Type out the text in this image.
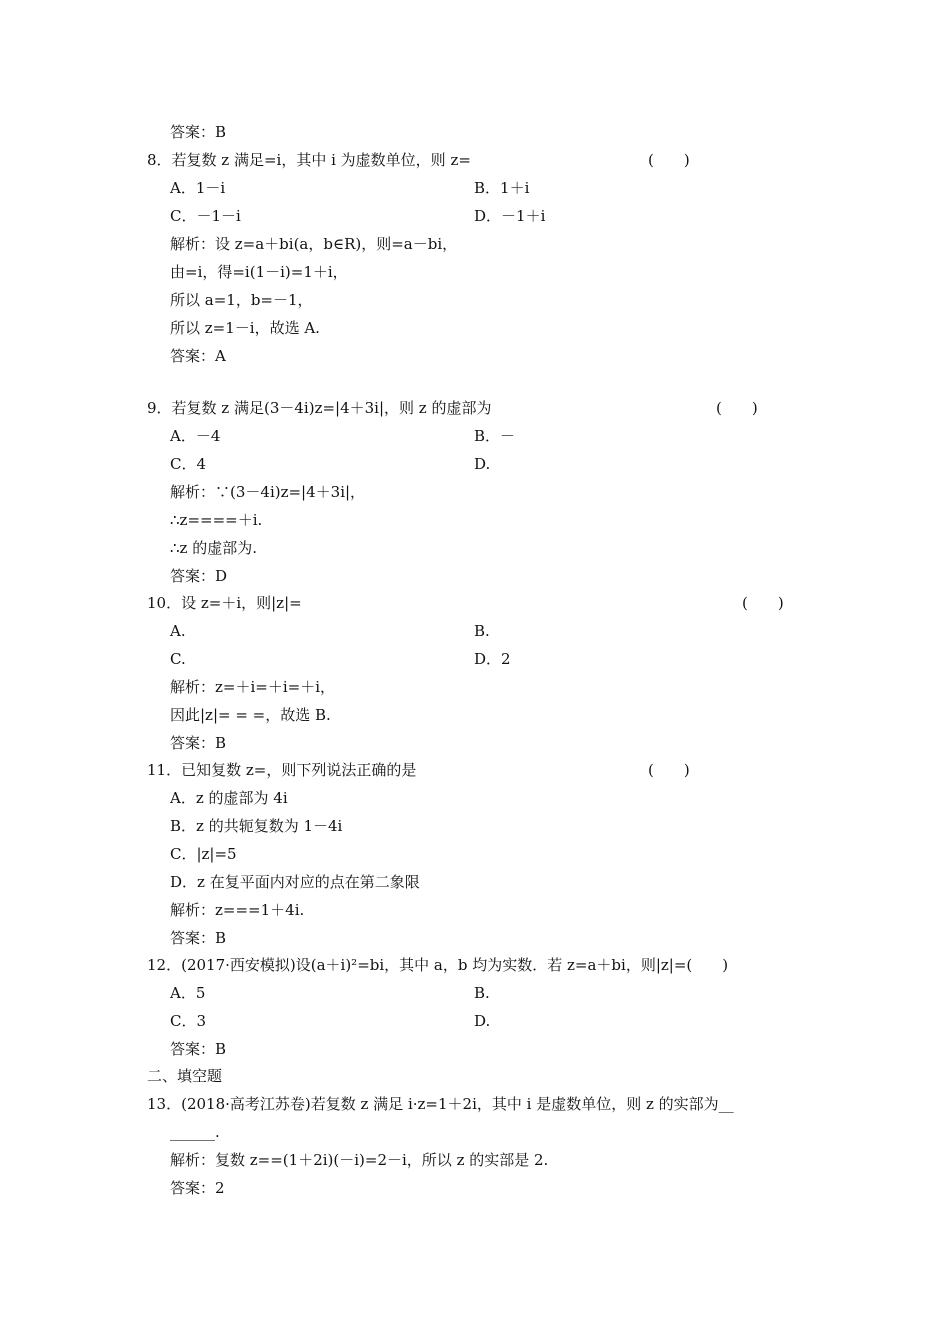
答案：B
8．若复数 z 满足=i，其中 i 为虚数单位，则 z=	(　　)
A．1－i	B．1＋i
C．－1－i	D．－1＋i
解析：设 z=a＋bi(a，b∈R)，则=a－bi，
由=i，得=i(1－i)=1＋i，
所以 a=1，b=－1，
所以 z=1－i，故选 A.
答案：A
9．若复数 z 满足(3－4i)z=|4＋3i|，则 z 的虚部为	(　　)
A．－4	B．－
C．4	D.
解析：∵(3－4i)z=|4＋3i|，
∴z====＋i.
∴z 的虚部为.
答案：D
10．设 z=＋i，则|z|=	(　　)
A.	B.
C.	D．2
解析：z=＋i=＋i=＋i，
因此|z|= = =，故选 B.
答案：B
11．已知复数 z=，则下列说法正确的是	(　　)
A．z 的虚部为 4i
B．z 的共轭复数为 1－4i
C．|z|=5
D．z 在复平面内对应的点在第二象限
解析：z===1＋4i.
答案：B
12．(2017·西安模拟)设(a＋i)²=bi，其中 a，b 均为实数．若 z=a＋bi，则|z|=(　　)
A．5	B.
C．3	D.
答案：B
二、填空题
13．(2018·高考江苏卷)若复数 z 满足 i·z=1＋2i，其中 i 是虚数单位，则 z 的实部为__
______.
解析：复数 z==(1＋2i)(－i)=2－i，所以 z 的实部是 2.
答案：2
